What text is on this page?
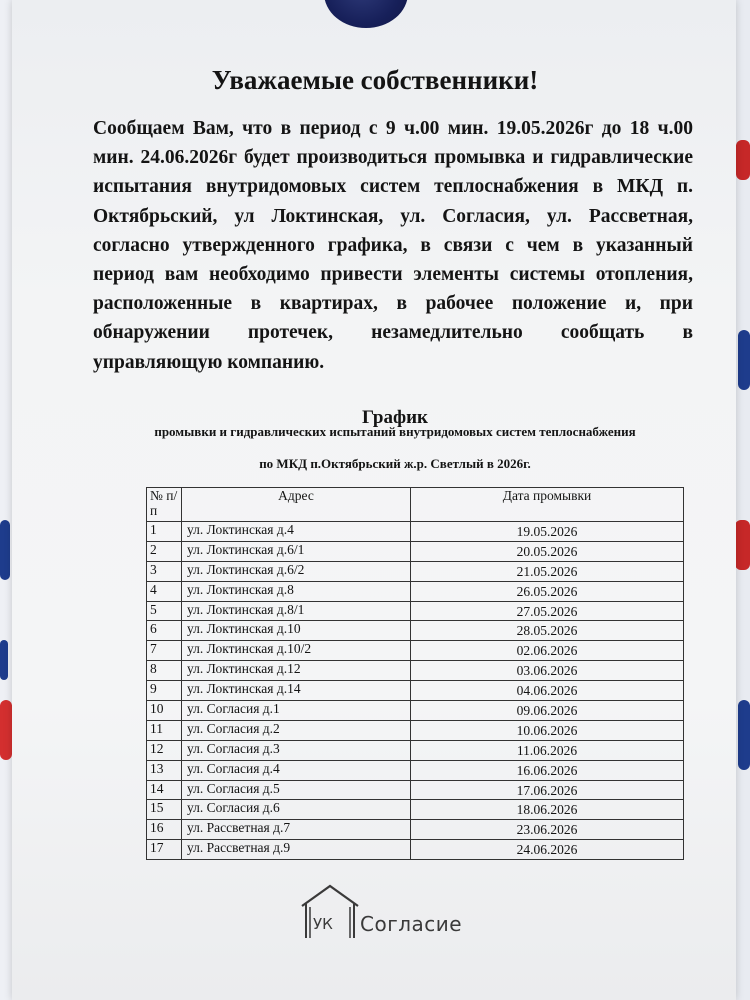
Уважаемые собственники!

Сообщаем Вам, что в период с 9 ч.00 мин. 19.05.2026г до 18 ч.00 мин. 24.06.2026г будет производиться промывка и гидравлические испытания внутридомовых систем теплоснабжения в МКД п. Октябрьский, ул Локтинская, ул. Согласия, ул. Рассветная, согласно утвержденного графика, в связи с чем в указанный период вам необходимо привести элементы системы отопления, расположенные в квартирах, в рабочее положение и, при обнаружении протечек, незамедлительно сообщать в управляющую компанию.

График

промывки и гидравлических испытаний внутридомовых систем теплоснабжения

по МКД п.Октябрьский ж.р. Светлый в 2026г.

№ п/п	Адрес	Дата промывки
1	ул. Локтинская д.4	19.05.2026
2	ул. Локтинская д.6/1	20.05.2026
3	ул. Локтинская д.6/2	21.05.2026
4	ул. Локтинская д.8	26.05.2026
5	ул. Локтинская д.8/1	27.05.2026
6	ул. Локтинская д.10	28.05.2026
7	ул. Локтинская д.10/2	02.06.2026
8	ул. Локтинская д.12	03.06.2026
9	ул. Локтинская д.14	04.06.2026
10	ул. Согласия д.1	09.06.2026
11	ул. Согласия д.2	10.06.2026
12	ул. Согласия д.3	11.06.2026
13	ул. Согласия д.4	16.06.2026
14	ул. Согласия д.5	17.06.2026
15	ул. Согласия д.6	18.06.2026
16	ул. Рассветная д.7	23.06.2026
17	ул. Рассветная д.9	24.06.2026
УК Согласие
